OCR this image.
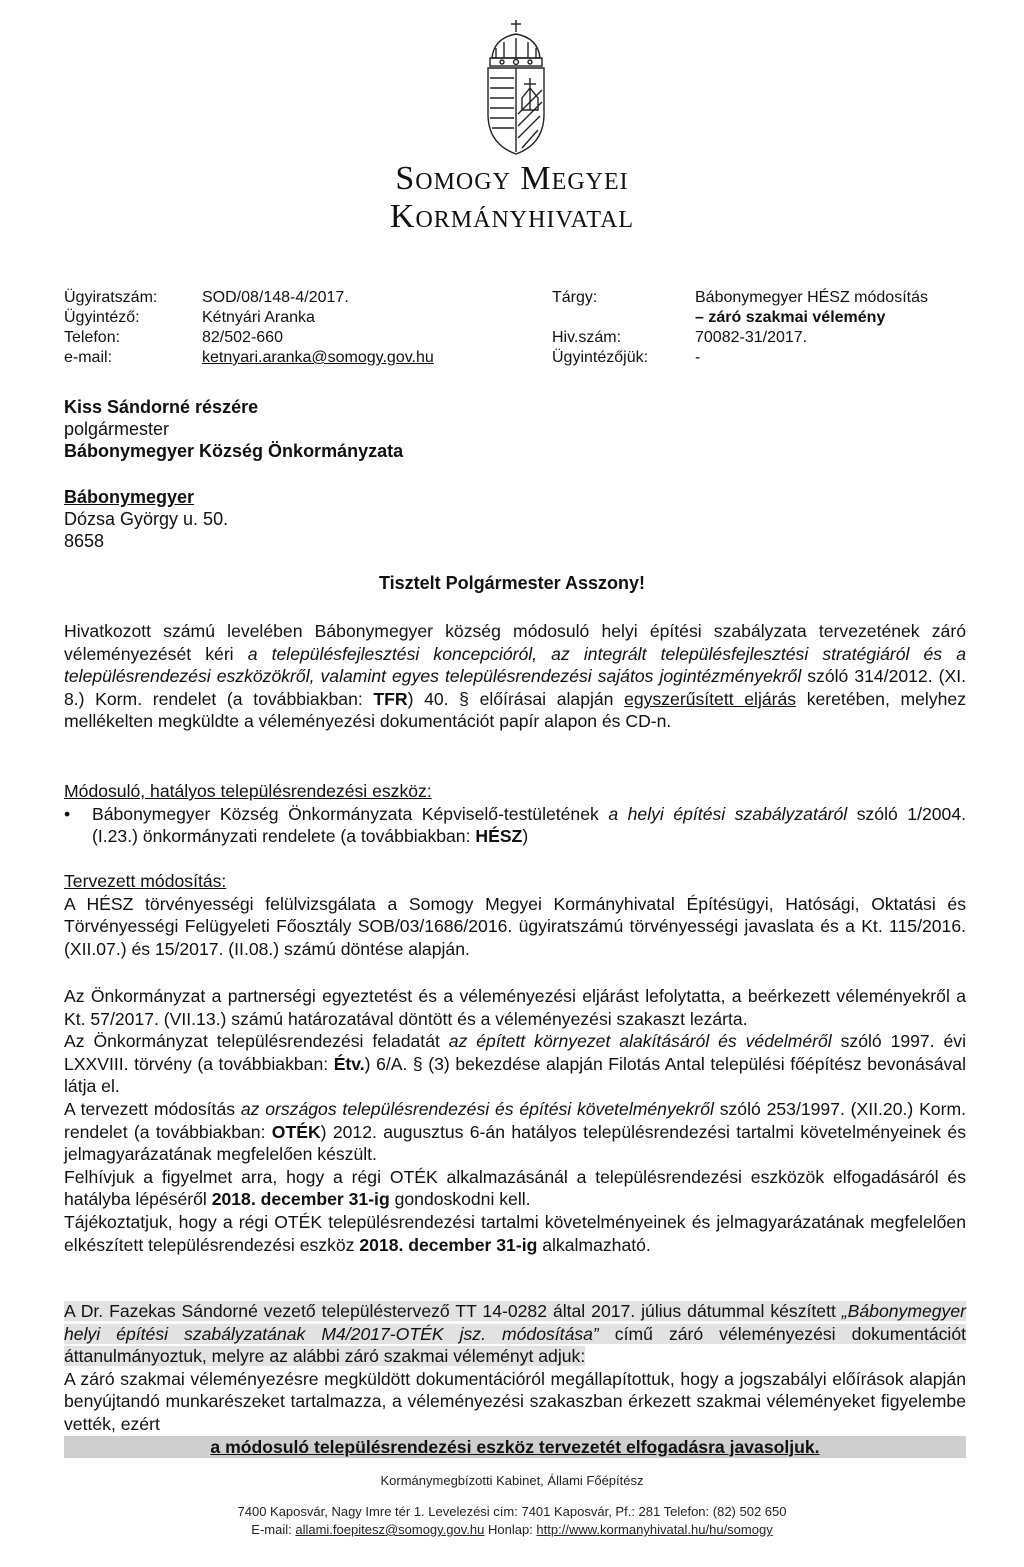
Somogy Megyei
Kormányhivatal
Ügyiratszám:	SOD/08/148-4/2017.
Ügyintéző:	Kétnyári Aranka
Telefon:	82/502-660
e-mail:	ketnyari.aranka@somogy.gov.hu
Tárgy:	Bábonymegyer HÉSZ módosítás
– záró szakmai vélemény
Hiv.szám:	70082-31/2017.
Ügyintézőjük:	-
Kiss Sándorné részére
polgármester
Bábonymegyer Község Önkormányzata
Bábonymegyer
Dózsa György u. 50.
8658
Tisztelt Polgármester Asszony!

Hivatkozott számú levelében Bábonymegyer község módosuló helyi építési szabályzata tervezetének záró véleményezését kéri a településfejlesztési koncepcióról, az integrált településfejlesztési stratégiáról és a településrendezési eszközökről, valamint egyes településrendezési sajátos jogintézményekről szóló 314/2012. (XI. 8.) Korm. rendelet (a továbbiakban: TFR) 40. § előírásai alapján egyszerűsített eljárás keretében, melyhez mellékelten megküldte a véleményezési dokumentációt papír alapon és CD-n.

Módosuló, hatályos településrendezési eszköz:

•	Bábonymegyer Község Önkormányzata Képviselő-testületének a helyi építési szabályzatáról szóló 1/2004. (I.23.) önkormányzati rendelete (a továbbiakban: HÉSZ)

Tervezett módosítás:

A HÉSZ törvényességi felülvizsgálata a Somogy Megyei Kormányhivatal Építésügyi, Hatósági, Oktatási és Törvényességi Felügyeleti Főosztály SOB/03/1686/2016. ügyiratszámú törvényességi javaslata és a Kt. 115/2016. (XII.07.) és 15/2017. (II.08.) számú döntése alapján.

Az Önkormányzat a partnerségi egyeztetést és a véleményezési eljárást lefolytatta, a beérkezett véleményekről a Kt. 57/2017. (VII.13.) számú határozatával döntött és a véleményezési szakaszt lezárta.

Az Önkormányzat településrendezési feladatát az épített környezet alakításáról és védelméről szóló 1997. évi LXXVIII. törvény (a továbbiakban: Étv.) 6/A. § (3) bekezdése alapján Filotás Antal települési főépítész bevonásával látja el.

A tervezett módosítás az országos településrendezési és építési követelményekről szóló 253/1997. (XII.20.) Korm. rendelet (a továbbiakban: OTÉK) 2012. augusztus 6-án hatályos településrendezési tartalmi követelményeinek és jelmagyarázatának megfelelően készült.

Felhívjuk a figyelmet arra, hogy a régi OTÉK alkalmazásánál a településrendezési eszközök elfogadásáról és hatályba lépéséről 2018. december 31-ig gondoskodni kell.

Tájékoztatjuk, hogy a régi OTÉK településrendezési tartalmi követelményeinek és jelmagyarázatának megfelelően elkészített településrendezési eszköz 2018. december 31-ig alkalmazható.

A Dr. Fazekas Sándorné vezető településtervező TT 14-0282 által 2017. július dátummal készített „Bábonymegyer helyi építési szabályzatának M4/2017-OTÉK jsz. módosítása” című záró véleményezési dokumentációt áttanulmányoztuk, melyre az alábbi záró szakmai véleményt adjuk:

A záró szakmai véleményezésre megküldött dokumentációról megállapítottuk, hogy a jogszabályi előírások alapján benyújtandó munkarészeket tartalmazza, a véleményezési szakaszban érkezett szakmai véleményeket figyelembe vették, ezért

a módosuló településrendezési eszköz tervezetét elfogadásra javasoljuk.

Kormánymegbízotti Kabinet, Állami Főépítész
7400 Kaposvár, Nagy Imre tér 1. Levelezési cím: 7401 Kaposvár, Pf.: 281 Telefon: (82) 502 650
E-mail: allami.foepitesz@somogy.gov.hu Honlap: http://www.kormanyhivatal.hu/hu/somogy
